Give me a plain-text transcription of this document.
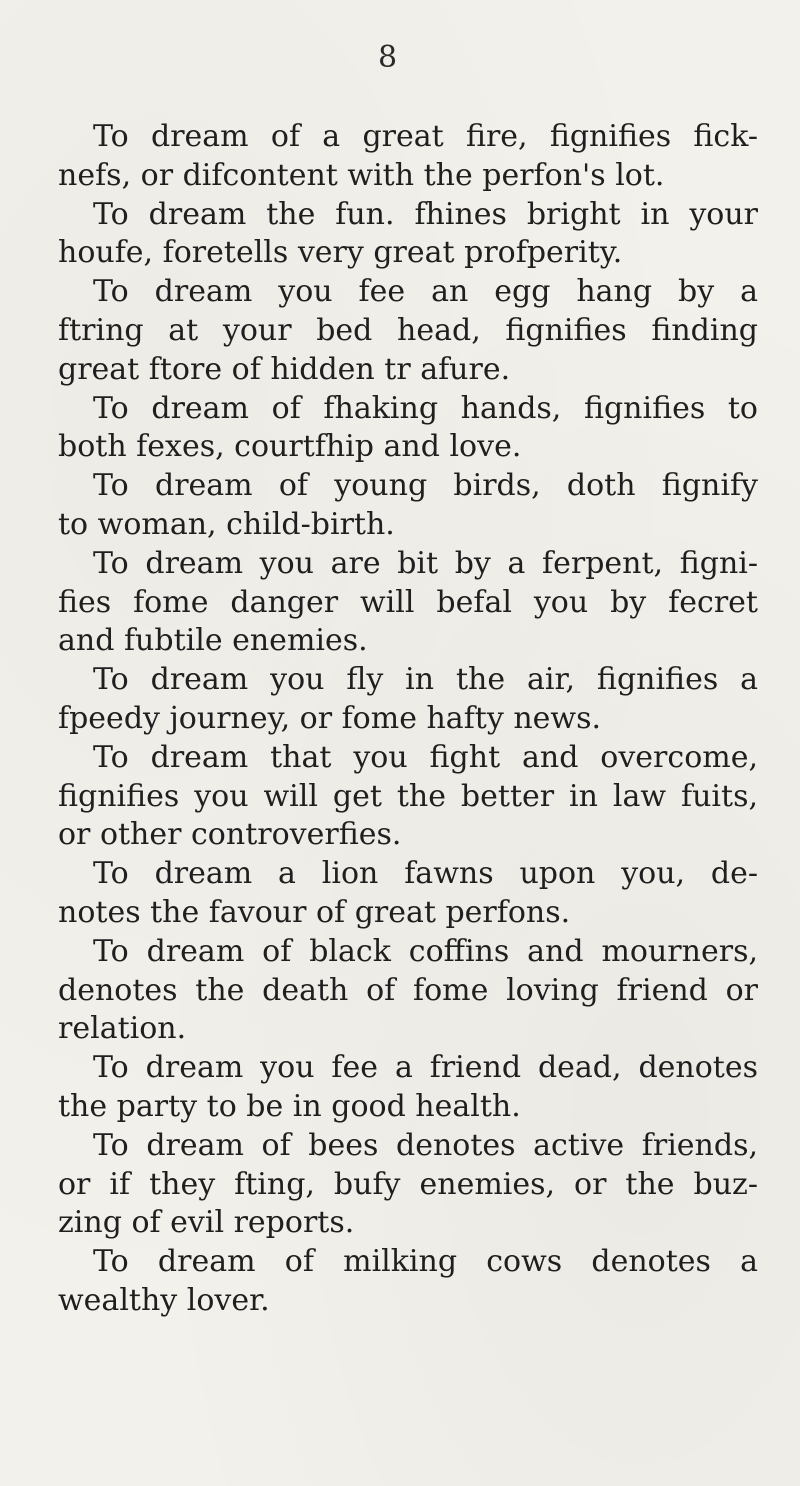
8
To dream of a great fire, fignifies fick-
nefs, or difcontent with the perfon's lot.
To dream the fun. fhines bright in your
houfe, foretells very great profperity.
To dream you fee an egg hang by a
ftring at your bed head, fignifies finding
great ftore of hidden tr afure.
To dream of fhaking hands, fignifies to
both fexes, courtfhip and love.
To dream of young birds, doth fignify
to woman, child-birth.
To dream you are bit by a ferpent, figni-
fies fome danger will befal you by fecret
and fubtile enemies.
To dream you fly in the air, fignifies a
fpeedy journey, or fome hafty news.
To dream that you fight and overcome,
fignifies you will get the better in law fuits,
or other controverfies.
To dream a lion fawns upon you, de-
notes the favour of great perfons.
To dream of black coffins and mourners,
denotes the death of fome loving friend or
relation.
To dream you fee a friend dead, denotes
the party to be in good health.
To dream of bees denotes active friends,
or if they fting, bufy enemies, or the buz-
zing of evil reports.
To dream of milking cows denotes a
wealthy lover.
